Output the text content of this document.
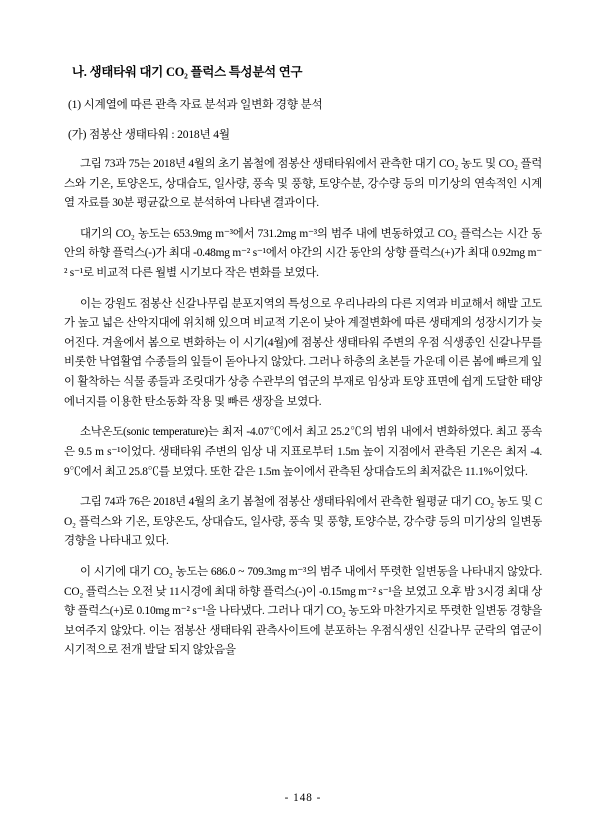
나. 생태타워 대기 CO₂ 플럭스 특성분석 연구
(1) 시계열에 따른 관측 자료 분석과 일변화 경향 분석
(가) 점봉산 생태타워 : 2018년 4월

그림 73과 75는 2018년 4월의 초기 봄철에 점봉산 생태타워에서 관측한 대기 CO₂ 농도 및 CO₂ 플럭스와 기온, 토양온도, 상대습도, 일사량, 풍속 및 풍향, 토양수분, 강수량 등의 미기상의 연속적인 시계열 자료를 30분 평균값으로 분석하여 나타낸 결과이다.

대기의 CO₂ 농도는 653.9mg m⁻³에서 731.2mg m⁻³의 범주 내에 변동하였고 CO₂ 플럭스는 시간 동안의 하향 플럭스(-)가 최대 -0.48mg m⁻² s⁻¹에서 야간의 시간 동안의 상향 플럭스(+)가 최대 0.92mg m⁻² s⁻¹로 비교적 다른 월별 시기보다 작은 변화를 보였다.

이는 강원도 점봉산 신갈나무림 분포지역의 특성으로 우리나라의 다른 지역과 비교해서 해발 고도가 높고 넓은 산악지대에 위치해 있으며 비교적 기온이 낮아 계절변화에 따른 생태계의 성장시기가 늦어진다. 겨울에서 봄으로 변화하는 이 시기(4월)에 점봉산 생태타워 주변의 우점 식생종인 신갈나무를 비롯한 낙엽활엽 수종들의 잎들이 돋아나지 않았다. 그러나 하층의 초본들 가운데 이른 봄에 빠르게 잎이 활착하는 식물 종들과 조릿대가 상층 수관부의 엽군의 부재로 임상과 토양 표면에 쉽게 도달한 태양에너지를 이용한 탄소동화 작용 및 빠른 생장을 보였다.

소낙온도(sonic temperature)는 최저 -4.07℃에서 최고 25.2℃의 범위 내에서 변화하였다. 최고 풍속은 9.5 m s⁻¹이었다. 생태타워 주변의 임상 내 지표로부터 1.5m 높이 지점에서 관측된 기온은 최저 -4.9℃에서 최고 25.8℃를 보였다. 또한 같은 1.5m 높이에서 관측된 상대습도의 최저값은 11.1%이었다.

그림 74과 76은 2018년 4월의 초기 봄철에 점봉산 생태타워에서 관측한 월평균 대기 CO₂ 농도 및 CO₂ 플럭스와 기온, 토양온도, 상대습도, 일사량, 풍속 및 풍향, 토양수분, 강수량 등의 미기상의 일변동 경향을 나타내고 있다.

이 시기에 대기 CO₂ 농도는 686.0 ~ 709.3mg m⁻³의 범주 내에서 뚜렷한 일변동을 나타내지 않았다. CO₂ 플럭스는 오전 낮 11시경에 최대 하향 플럭스(-)이 -0.15mg m⁻² s⁻¹을 보였고 오후 밤 3시경 최대 상향 플럭스(+)로 0.10mg m⁻² s⁻¹을 나타냈다. 그러나 대기 CO₂ 농도와 마찬가지로 뚜렷한 일변동 경향을 보여주지 않았다. 이는 점봉산 생태타워 관측사이트에 분포하는 우점식생인 신갈나무 군락의 엽군이 시기적으로 전개 발달 되지 않았음을

- 148 -
